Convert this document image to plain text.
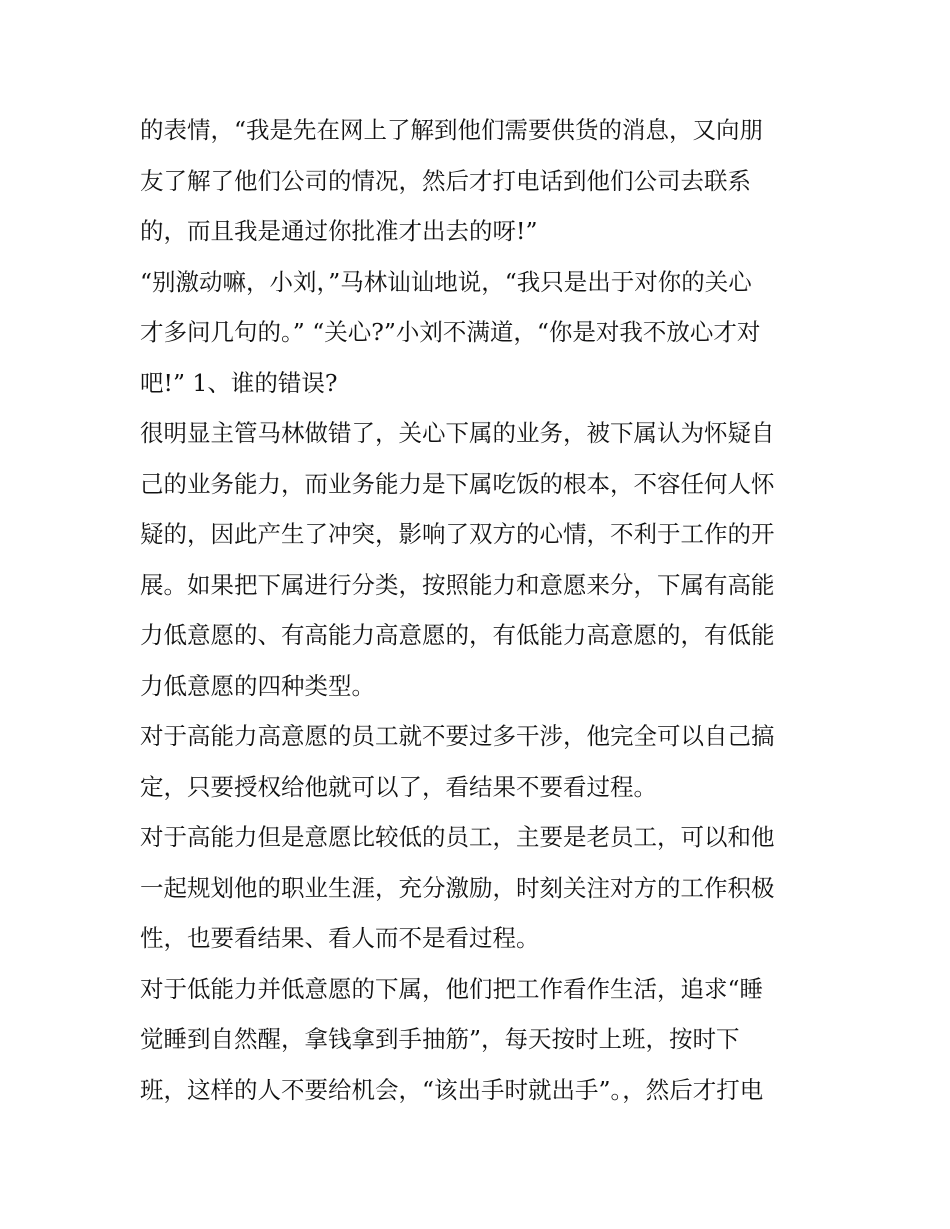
的表情，“我是先在网上了解到他们需要供货的消息，又向朋
友了解了他们公司的情况，然后才打电话到他们公司去联系
的，而且我是通过你批准才出去的呀!”
“别激动嘛，小刘，”马林讪讪地说，“我只是出于对你的关心
才多问几句的。” “关心?”小刘不满道，“你是对我不放心才对
吧!” 1、谁的错误?
很明显主管马林做错了，关心下属的业务，被下属认为怀疑自
己的业务能力，而业务能力是下属吃饭的根本，不容任何人怀
疑的，因此产生了冲突，影响了双方的心情，不利于工作的开
展。如果把下属进行分类，按照能力和意愿来分，下属有高能
力低意愿的、有高能力高意愿的，有低能力高意愿的，有低能
力低意愿的四种类型。
对于高能力高意愿的员工就不要过多干涉，他完全可以自己搞
定，只要授权给他就可以了，看结果不要看过程。
对于高能力但是意愿比较低的员工，主要是老员工，可以和他
一起规划他的职业生涯，充分激励，时刻关注对方的工作积极
性，也要看结果、看人而不是看过程。
对于低能力并低意愿的下属，他们把工作看作生活，追求“睡
觉睡到自然醒，拿钱拿到手抽筋”，每天按时上班，按时下
班，这样的人不要给机会，“该出手时就出手”。，然后才打电
